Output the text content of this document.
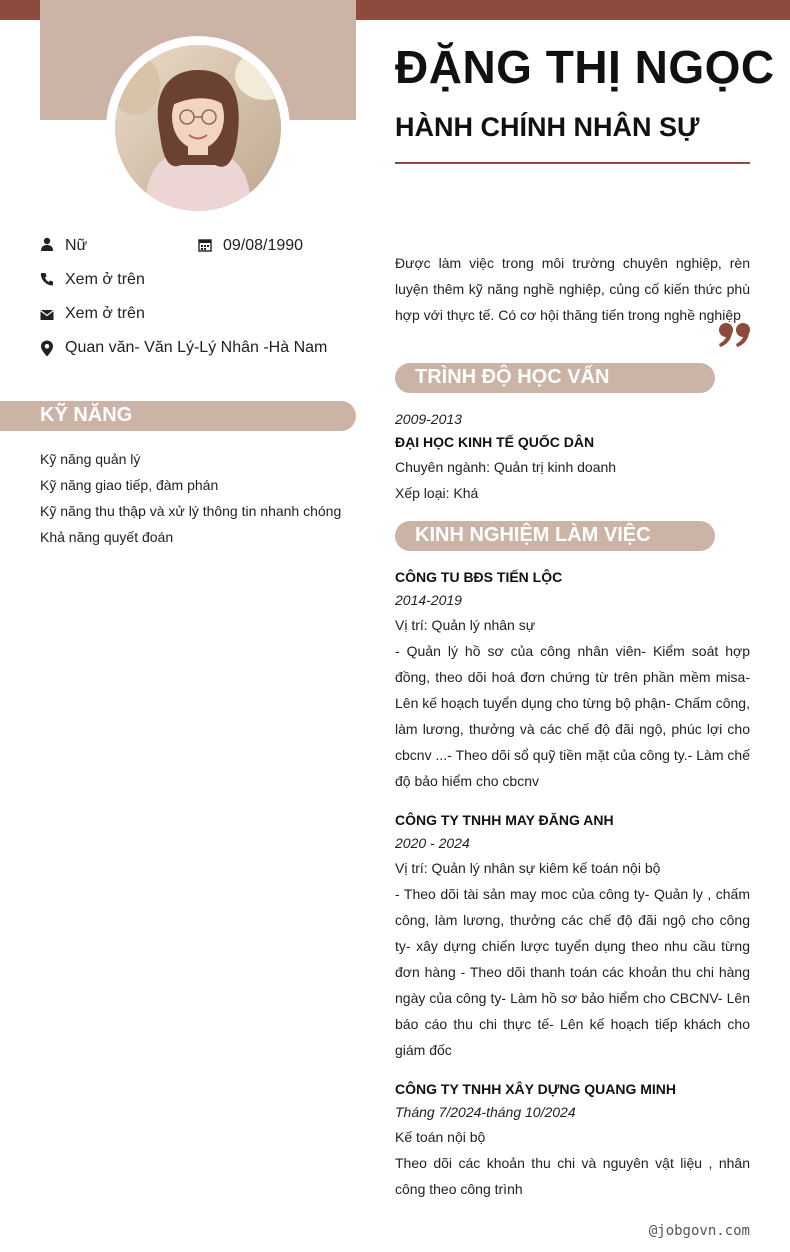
Nữ	09/08/1990
Xem ở trên
Xem ở trên
Quan văn- Văn Lý-Lý Nhân -Hà Nam
KỸ NĂNG
Kỹ năng quản lý
Kỹ năng giao tiếp, đàm phán
Kỹ năng thu thập và xử lý thông tin nhanh chóng
Khả năng quyết đoán
ĐẶNG THỊ NGỌC
HÀNH CHÍNH NHÂN SỰ
Được làm việc trong môi trường chuyên nghiệp, rèn luyện thêm kỹ năng nghề nghiệp, củng cố kiến thức phù hợp với thực tế. Có cơ hội thăng tiến trong nghề nghiệp
TRÌNH ĐỘ HỌC VẤN
2009-2013
ĐẠI HỌC KINH TẾ QUỐC DÂN
Chuyên ngành: Quản trị kinh doanh
Xếp loại: Khá
KINH NGHIỆM LÀM VIỆC
CÔNG TU BĐS TIẾN LỘC
2014-2019
Vị trí: Quản lý nhân sự
- Quản lý hồ sơ của công nhân viên- Kiểm soát hợp đồng, theo dõi hoá đơn chứng từ trên phần mềm misa- Lên kế hoạch tuyển dụng cho từng bộ phận- Chấm công, làm lương, thưởng và các chế độ đãi ngộ, phúc lợi cho cbcnv ...- Theo dõi sổ quỹ tiền mặt của công ty.- Làm chế độ bảo hiểm cho cbcnv
CÔNG TY TNHH MAY ĐĂNG ANH
2020 - 2024
Vị trí: Quản lý nhân sự kiêm kế toán nội bộ
- Theo dõi tài sản may moc của công ty- Quản ly , chấm công, làm lương, thưởng các chế độ đãi ngộ cho công ty- xây dựng chiến lược tuyển dụng theo nhu cầu từng đơn hàng - Theo dõi thanh toán các khoản thu chi hàng ngày của công ty- Làm hồ sơ bảo hiểm cho CBCNV- Lên báo cáo thu chi thực tế- Lên kế hoạch tiếp khách cho giám đốc
CÔNG TY TNHH XÂY DỰNG QUANG MINH
Tháng 7/2024-tháng 10/2024
Kế toán nội bộ
Theo dõi các khoản thu chi và nguyên vật liệu , nhân công theo công trình
@jobgovn.com
